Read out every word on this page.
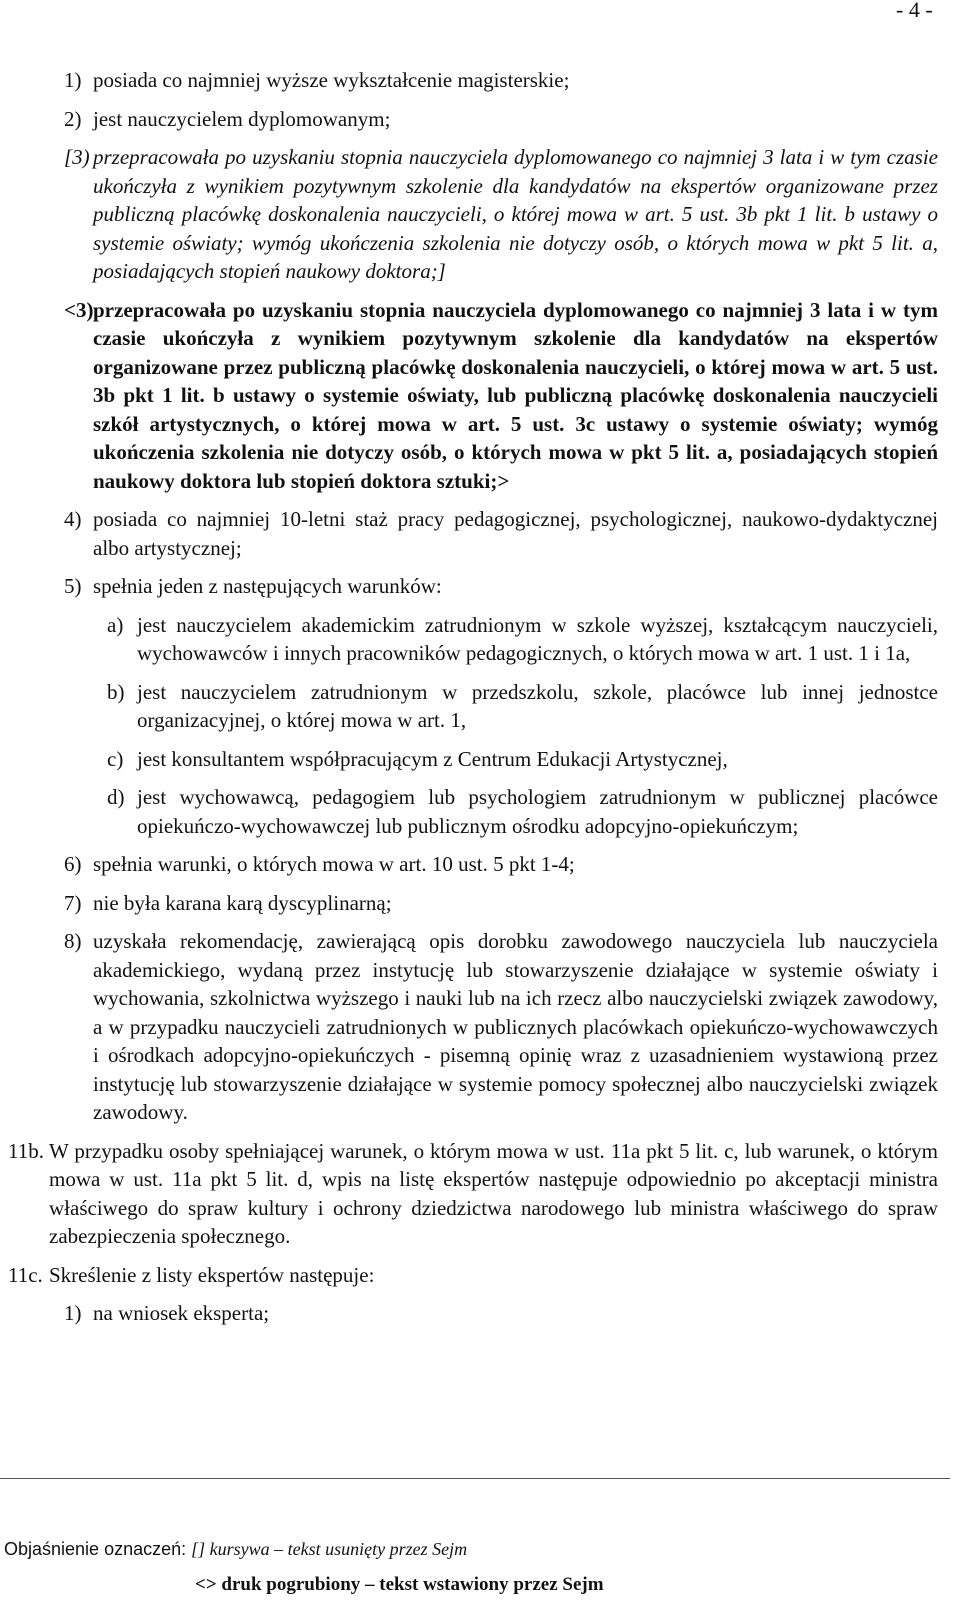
- 4 -
1) posiada co najmniej wyższe wykształcenie magisterskie;
2) jest nauczycielem dyplomowanym;
[3) przepracowała po uzyskaniu stopnia nauczyciela dyplomowanego co najmniej 3 lata i w tym czasie ukończyła z wynikiem pozytywnym szkolenie dla kandydatów na ekspertów organizowane przez publiczną placówkę doskonalenia nauczycieli, o której mowa w art. 5 ust. 3b pkt 1 lit. b ustawy o systemie oświaty; wymóg ukończenia szkolenia nie dotyczy osób, o których mowa w pkt 5 lit. a, posiadających stopień naukowy doktora;]
<3) przepracowała po uzyskaniu stopnia nauczyciela dyplomowanego co najmniej 3 lata i w tym czasie ukończyła z wynikiem pozytywnym szkolenie dla kandydatów na ekspertów organizowane przez publiczną placówkę doskonalenia nauczycieli, o której mowa w art. 5 ust. 3b pkt 1 lit. b ustawy o systemie oświaty, lub publiczną placówkę doskonalenia nauczycieli szkół artystycznych, o której mowa w art. 5 ust. 3c ustawy o systemie oświaty; wymóg ukończenia szkolenia nie dotyczy osób, o których mowa w pkt 5 lit. a, posiadających stopień naukowy doktora lub stopień doktora sztuki;>
4) posiada co najmniej 10-letni staż pracy pedagogicznej, psychologicznej, naukowo-dydaktycznej albo artystycznej;
5) spełnia jeden z następujących warunków:
a) jest nauczycielem akademickim zatrudnionym w szkole wyższej, kształcącym nauczycieli, wychowawców i innych pracowników pedagogicznych, o których mowa w art. 1 ust. 1 i 1a,
b) jest nauczycielem zatrudnionym w przedszkolu, szkole, placówce lub innej jednostce organizacyjnej, o której mowa w art. 1,
c) jest konsultantem współpracującym z Centrum Edukacji Artystycznej,
d) jest wychowawcą, pedagogiem lub psychologiem zatrudnionym w publicznej placówce opiekuńczo-wychowawczej lub publicznym ośrodku adopcyjno-opiekuńczym;
6) spełnia warunki, o których mowa w art. 10 ust. 5 pkt 1-4;
7) nie była karana karą dyscyplinarną;
8) uzyskała rekomendację, zawierającą opis dorobku zawodowego nauczyciela lub nauczyciela akademickiego, wydaną przez instytucję lub stowarzyszenie działające w systemie oświaty i wychowania, szkolnictwa wyższego i nauki lub na ich rzecz albo nauczycielski związek zawodowy, a w przypadku nauczycieli zatrudnionych w publicznych placówkach opiekuńczo-wychowawczych i ośrodkach adopcyjno-opiekuńczych - pisemną opinię wraz z uzasadnieniem wystawioną przez instytucję lub stowarzyszenie działające w systemie pomocy społecznej albo nauczycielski związek zawodowy.
11b. W przypadku osoby spełniającej warunek, o którym mowa w ust. 11a pkt 5 lit. c, lub warunek, o którym mowa w ust. 11a pkt 5 lit. d, wpis na listę ekspertów następuje odpowiednio po akceptacji ministra właściwego do spraw kultury i ochrony dziedzictwa narodowego lub ministra właściwego do spraw zabezpieczenia społecznego.
11c. Skreślenie z listy ekspertów następuje:
1) na wniosek eksperta;
Objaśnienie oznaczeń: [] kursywa – tekst usunięty przez Sejm
<> druk pogrubiony – tekst wstawiony przez Sejm
